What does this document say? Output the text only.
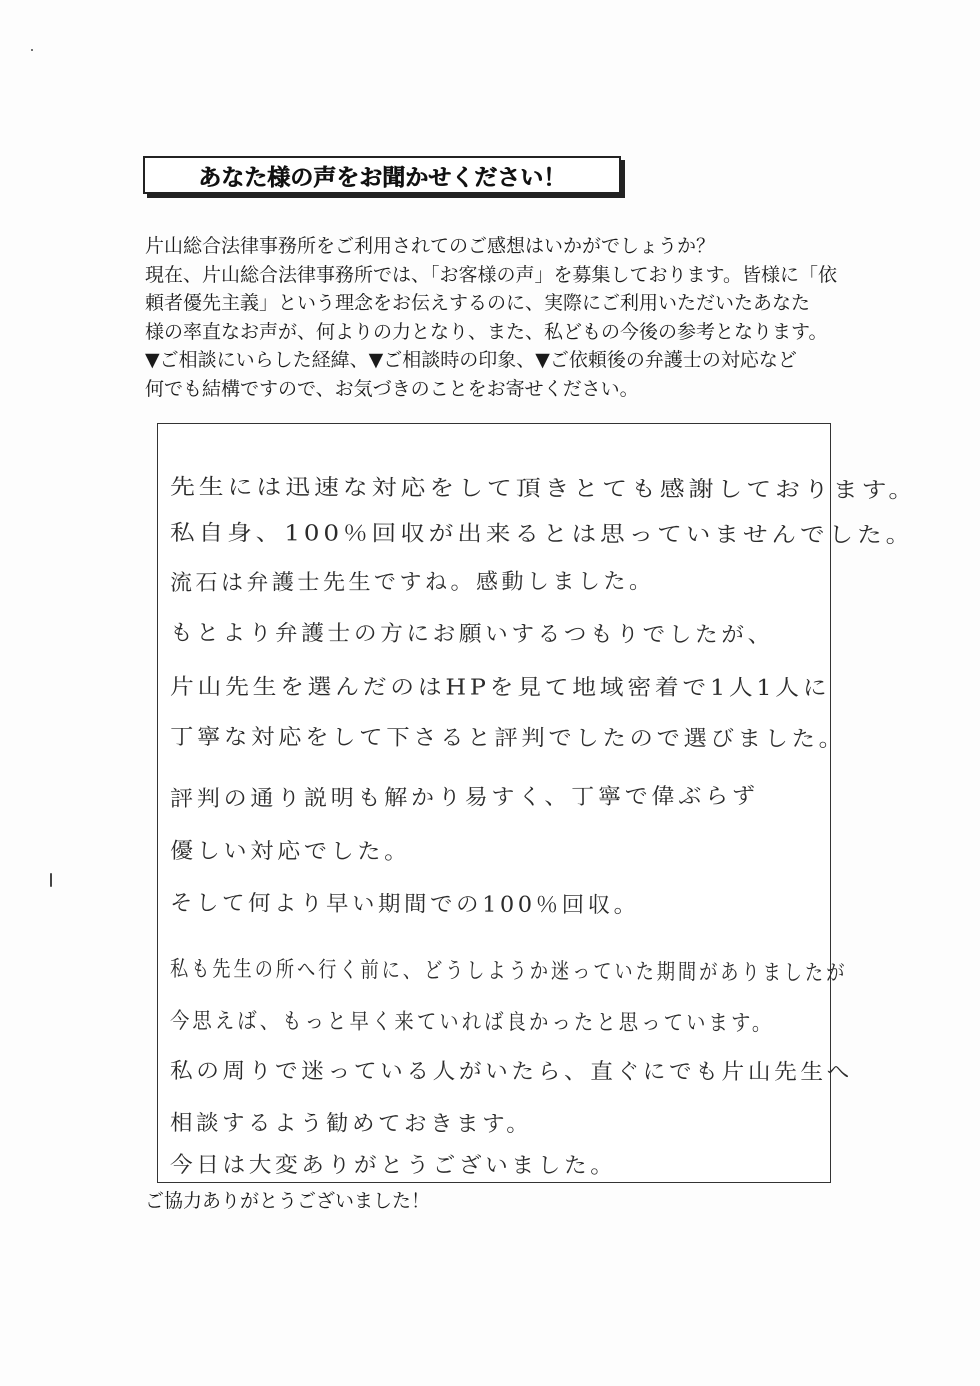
あなた様の声をお聞かせください！
片山総合法律事務所をご利用されてのご感想はいかがでしょうか？
現在、片山総合法律事務所では、「お客様の声」を募集しております。皆様に「依
頼者優先主義」という理念をお伝えするのに、実際にご利用いただいたあなた
様の率直なお声が、何よりの力となり、また、私どもの今後の参考となります。
▼ご相談にいらした経緯、▼ご相談時の印象、▼ご依頼後の弁護士の対応など
何でも結構ですので、お気づきのことをお寄せください。
先生には迅速な対応をして頂きとても感謝しております。
私自身、100％回収が出来るとは思っていませんでした。
流石は弁護士先生ですね。感動しました。
もとより弁護士の方にお願いするつもりでしたが、
片山先生を選んだのはHPを見て地域密着で1人1人に
丁寧な対応をして下さると評判でしたので選びました。
評判の通り説明も解かり易すく、丁寧で偉ぶらず
優しい対応でした。
そして何より早い期間での100％回収。
私も先生の所へ行く前に、どうしようか迷っていた期間がありましたが
今思えば、もっと早く来ていれば良かったと思っています。
私の周りで迷っている人がいたら、直ぐにでも片山先生へ
相談するよう勧めておきます。
今日は大変ありがとうございました。
ご協力ありがとうございました！
